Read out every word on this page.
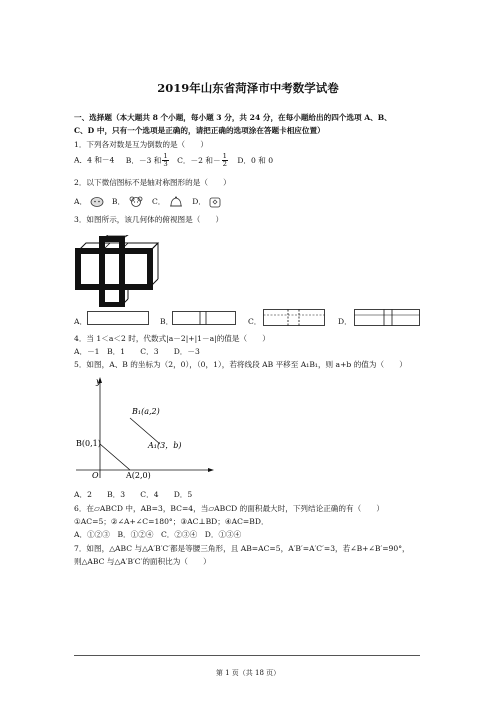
2019年山东省菏泽市中考数学试卷
一、选择题（本大题共 8 个小题，每小题 3 分，共 24 分，在每小题给出的四个选项 A、B、
C、D 中，只有一个选项是正确的，请把正确的选项涂在答题卡相应位置）
1．下列各对数是互为倒数的是（　　）
A．4 和－4 B．－3 和 $\frac{1}{3}$ C．－2 和－ $\frac{1}{2}$ D．0 和 0
2．以下微信图标不是轴对称图形的是（　　）
A．	B．	C．	D．
3．如图所示，该几何体的俯视图是（　　）
A．	B．	C．	D．
4．当 1＜a＜2 时，代数式|a－2|+|1－a|的值是（　　）
A．－1　B．1　　C．3　　D．－3
5．如图，A、B 的坐标为（2，0），（0，1），若将线段 AB 平移至 A₁B₁，则 a+b 的值为（　　）
y
O
B₁(a,2)
B(0,1)	A₁(3，b)
A(2,0)
A．2　　B．3　　C．4　　D．5
6．在▱ABCD 中，AB=3，BC=4，当▱ABCD 的面积最大时，下列结论正确的有（　　）
①AC=5；②∠A+∠C=180°；③AC⊥BD；④AC=BD．
A．①②③　B．①②④　C．②③④　D．①③④
7．如图，△ABC 与△A′B′C′都是等腰三角形，且 AB=AC=5，A′B′=A′C′=3，若∠B+∠B′=90°，
则△ABC 与△A′B′C′的面积比为（　　）
第 1 页（共 18 页）
